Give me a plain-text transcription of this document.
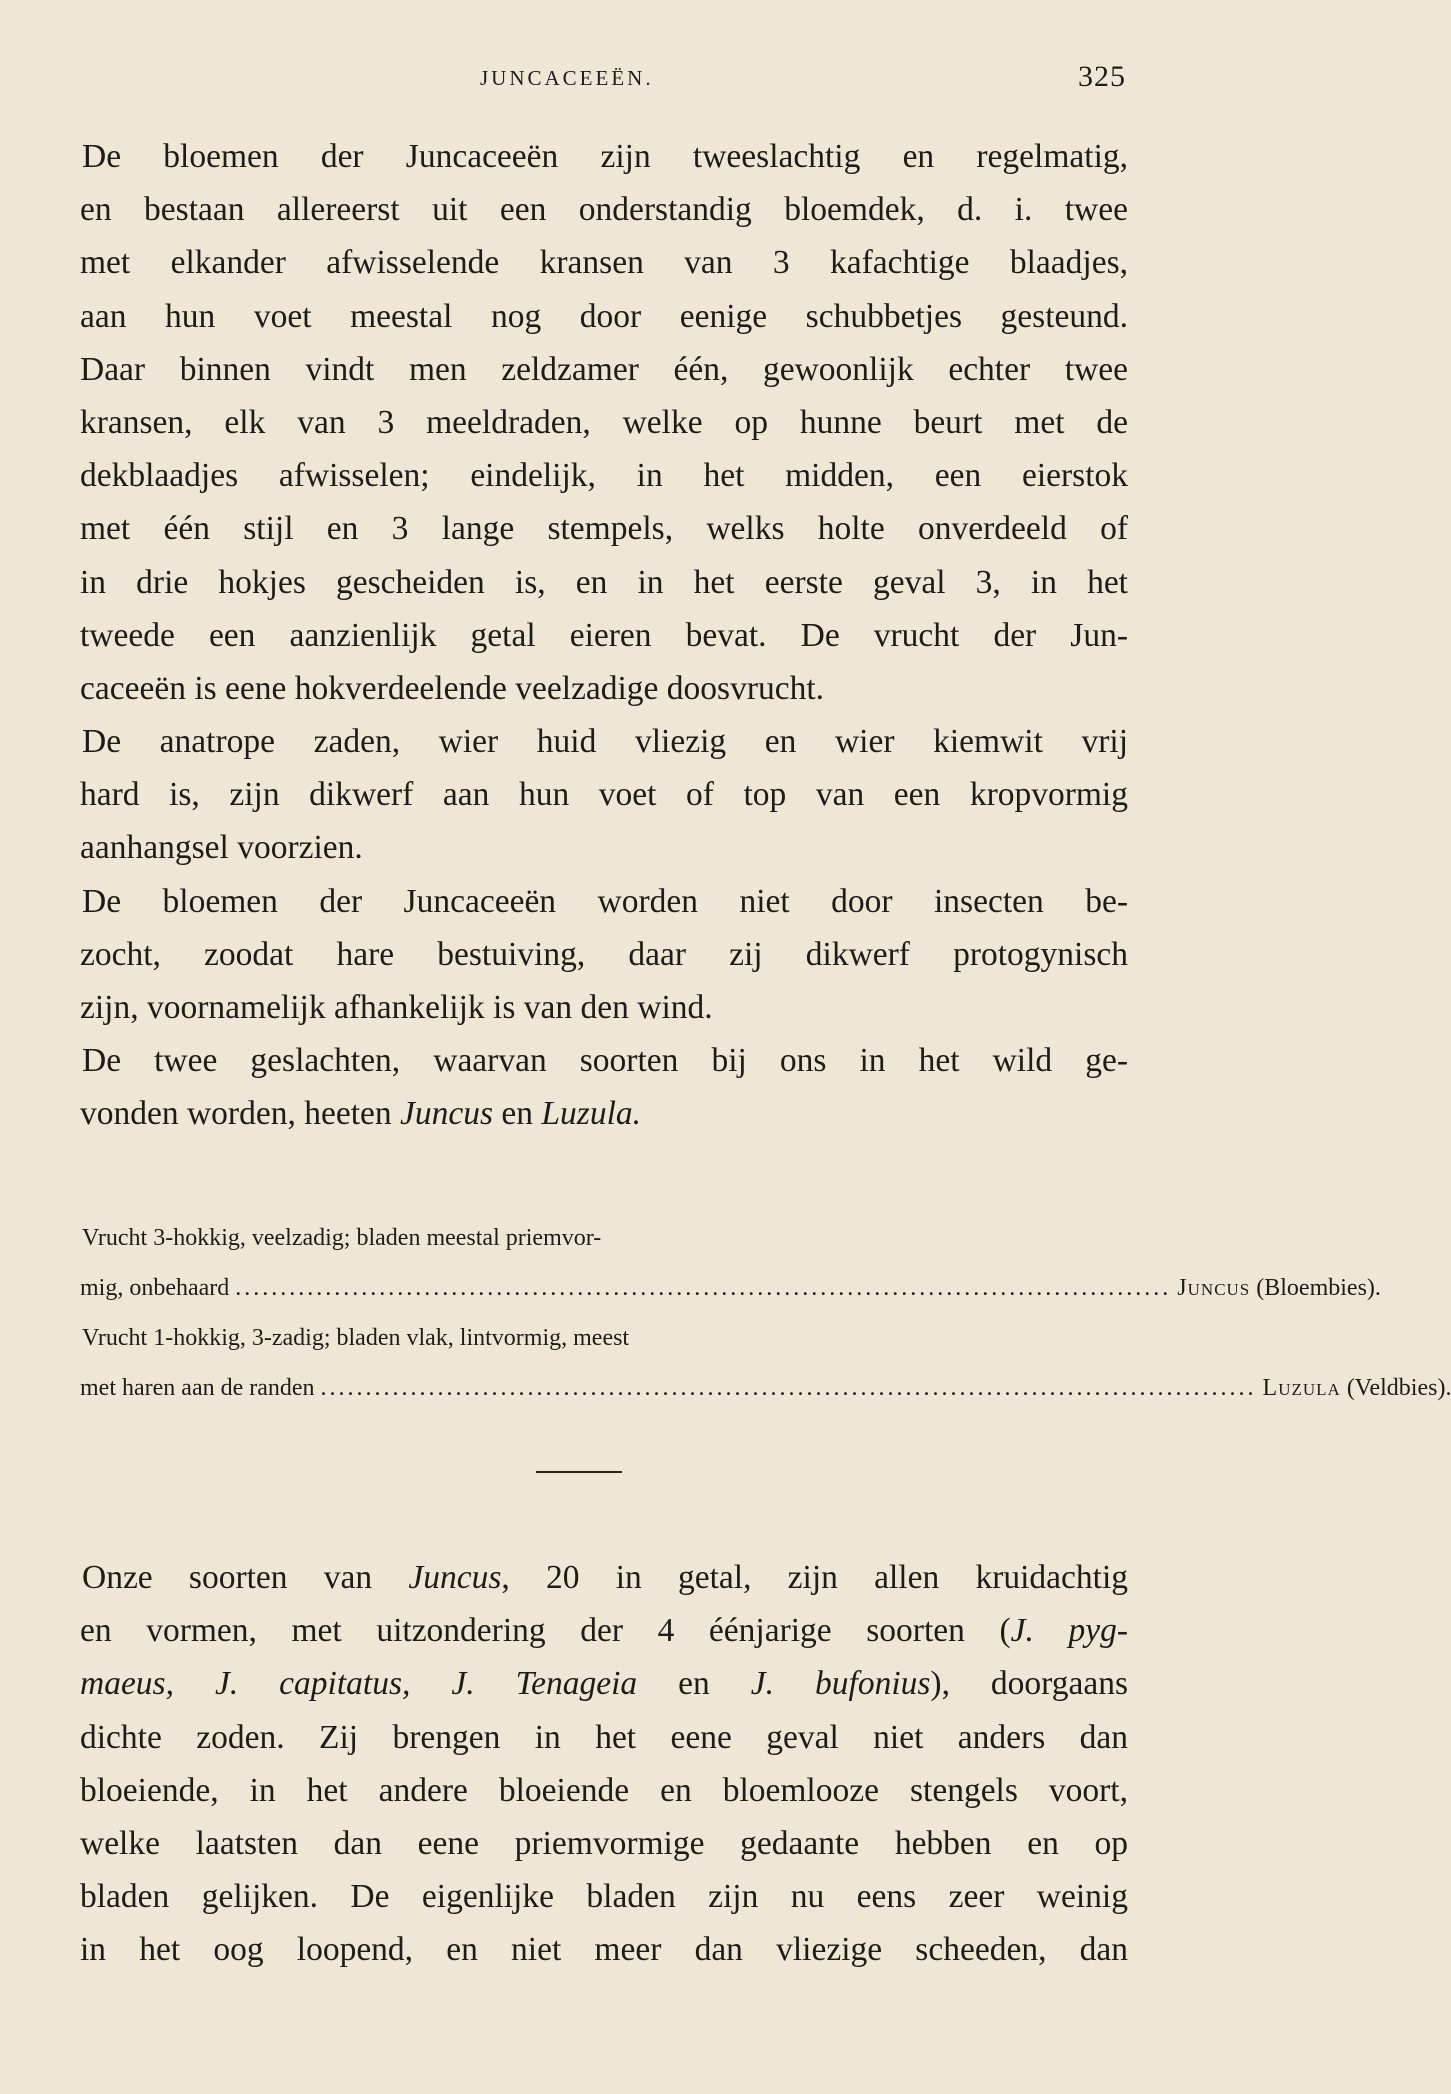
JUNCACEEËN.	325
De bloemen der Juncaceeën zijn tweeslachtig en regelmatig,
en bestaan allereerst uit een onderstandig bloemdek, d. i. twee
met elkander afwisselende kransen van 3 kafachtige blaadjes,
aan hun voet meestal nog door eenige schubbetjes gesteund.
Daar binnen vindt men zeldzamer één, gewoonlijk echter twee
kransen, elk van 3 meeldraden, welke op hunne beurt met de
dekblaadjes afwisselen; eindelijk, in het midden, een eierstok
met één stijl en 3 lange stempels, welks holte onverdeeld of
in drie hokjes gescheiden is, en in het eerste geval 3, in het
tweede een aanzienlijk getal eieren bevat. De vrucht der Jun-
caceeën is eene hokverdeelende veelzadige doosvrucht.
De anatrope zaden, wier huid vliezig en wier kiemwit vrij
hard is, zijn dikwerf aan hun voet of top van een kropvormig
aanhangsel voorzien.
De bloemen der Juncaceeën worden niet door insecten be-
zocht, zoodat hare bestuiving, daar zij dikwerf protogynisch
zijn, voornamelijk afhankelijk is van den wind.
De twee geslachten, waarvan soorten bij ons in het wild ge-
vonden worden, heeten Juncus en Luzula.
Vrucht 3-hokkig, veelzadig; bladen meestal priemvor-
mig, onbehaard ........................................................................................................ Juncus (Bloembies).
Vrucht 1-hokkig, 3-zadig; bladen vlak, lintvormig, meest
met haren aan de randen ........................................................................................................ Luzula (Veldbies).
Onze soorten van Juncus, 20 in getal, zijn allen kruidachtig
en vormen, met uitzondering der 4 éénjarige soorten (J. pyg-
maeus, J. capitatus, J. Tenageia en J. bufonius), doorgaans
dichte zoden. Zij brengen in het eene geval niet anders dan
bloeiende, in het andere bloeiende en bloemlooze stengels voort,
welke laatsten dan eene priemvormige gedaante hebben en op
bladen gelijken. De eigenlijke bladen zijn nu eens zeer weinig
in het oog loopend, en niet meer dan vliezige scheeden, dan
